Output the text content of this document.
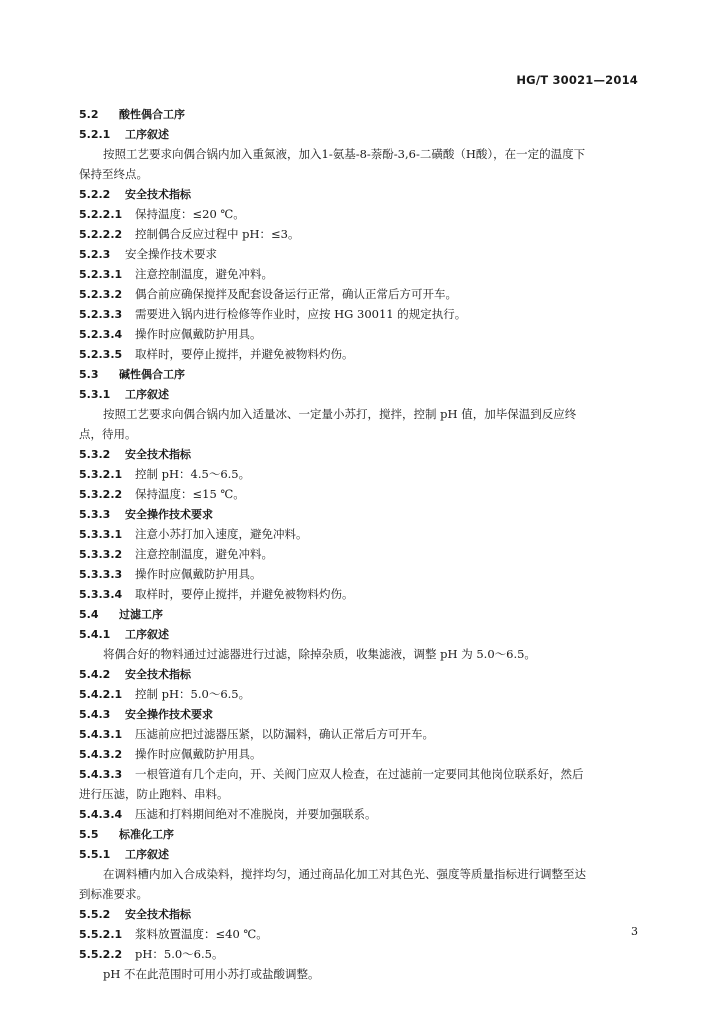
HG/T 30021—2014
5.2 酸性偶合工序
5.2.1 工序叙述
按照工艺要求向偶合锅内加入重氮液，加入1-氨基-8-萘酚-3,6-二磺酸（H酸），在一定的温度下
保持至终点。
5.2.2 安全技术指标
5.2.2.1 保持温度：≤20 ℃。
5.2.2.2 控制偶合反应过程中 pH：≤3。
5.2.3 安全操作技术要求
5.2.3.1 注意控制温度，避免冲料。
5.2.3.2 偶合前应确保搅拌及配套设备运行正常，确认正常后方可开车。
5.2.3.3 需要进入锅内进行检修等作业时，应按 HG 30011 的规定执行。
5.2.3.4 操作时应佩戴防护用具。
5.2.3.5 取样时，要停止搅拌，并避免被物料灼伤。
5.3 碱性偶合工序
5.3.1 工序叙述
按照工艺要求向偶合锅内加入适量冰、一定量小苏打，搅拌，控制 pH 值，加毕保温到反应终
点，待用。
5.3.2 安全技术指标
5.3.2.1 控制 pH：4.5～6.5。
5.3.2.2 保持温度：≤15 ℃。
5.3.3 安全操作技术要求
5.3.3.1 注意小苏打加入速度，避免冲料。
5.3.3.2 注意控制温度，避免冲料。
5.3.3.3 操作时应佩戴防护用具。
5.3.3.4 取样时，要停止搅拌，并避免被物料灼伤。
5.4 过滤工序
5.4.1 工序叙述
将偶合好的物料通过过滤器进行过滤，除掉杂质，收集滤液，调整 pH 为 5.0～6.5。
5.4.2 安全技术指标
5.4.2.1 控制 pH：5.0～6.5。
5.4.3 安全操作技术要求
5.4.3.1 压滤前应把过滤器压紧，以防漏料，确认正常后方可开车。
5.4.3.2 操作时应佩戴防护用具。
5.4.3.3 一根管道有几个走向，开、关阀门应双人检查，在过滤前一定要同其他岗位联系好，然后
进行压滤，防止跑料、串料。
5.4.3.4 压滤和打料期间绝对不准脱岗，并要加强联系。
5.5 标准化工序
5.5.1 工序叙述
在调料槽内加入合成染料，搅拌均匀，通过商品化加工对其色光、强度等质量指标进行调整至达
到标准要求。
5.5.2 安全技术指标
5.5.2.1 浆料放置温度：≤40 ℃。
5.5.2.2 pH：5.0～6.5。
pH 不在此范围时可用小苏打或盐酸调整。
3
